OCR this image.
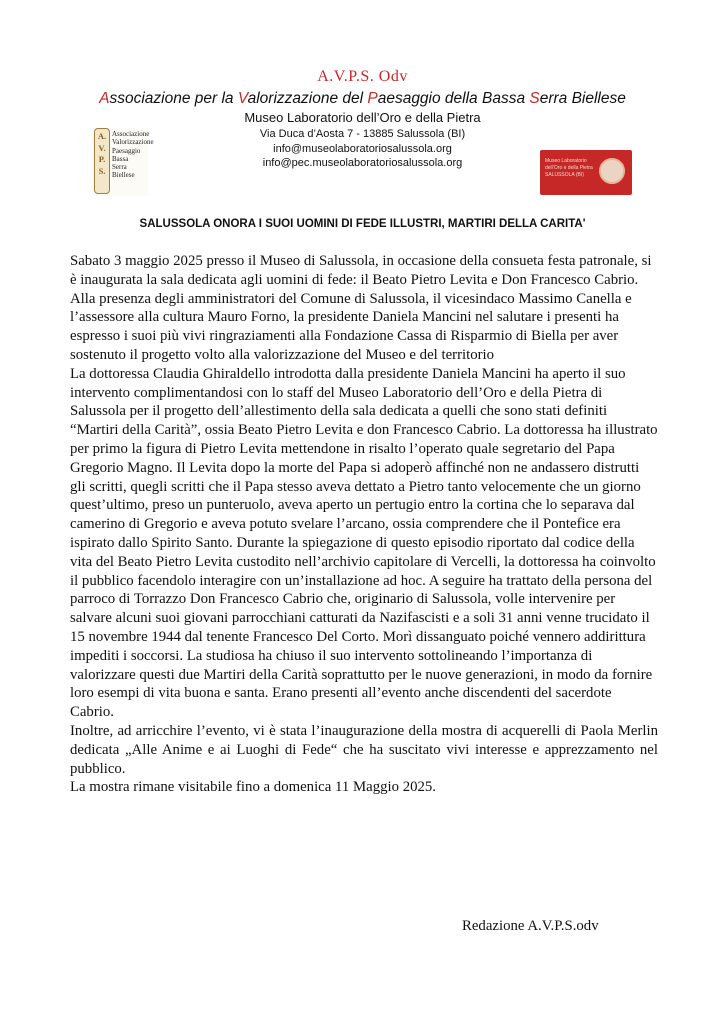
A.V.P.S. Odv
Associazione per la Valorizzazione del Paesaggio della Bassa Serra Biellese
Museo Laboratorio dell’Oro e della Pietra
Via Duca d’Aosta 7 - 13885 Salussola (BI)
info@museolaboratoriosalussola.org
info@pec.museolaboratoriosalussola.org
A.
V.
P.
S.
Associazione
Valorizzazione
Paesaggio
Bassa
Serra
Biellese
Museo Laboratorio
dell’Oro e della Pietra
SALUSSOLA (BI)
SALUSSOLA ONORA I SUOI UOMINI DI FEDE ILLUSTRI, MARTIRI DELLA CARITA'

Sabato 3 maggio 2025 presso il Museo di Salussola, in occasione della consueta festa patronale, si è inaugurata la sala dedicata agli uomini di fede: il Beato Pietro Levita e Don Francesco Cabrio.

Alla presenza degli amministratori del Comune di Salussola, il vicesindaco Massimo Canella e l’assessore alla cultura Mauro Forno, la presidente Daniela Mancini nel salutare i presenti ha espresso i suoi più vivi ringraziamenti alla Fondazione Cassa di Risparmio di Biella per aver sostenuto il progetto volto alla valorizzazione del Museo e del territorio

La dottoressa Claudia Ghiraldello introdotta dalla presidente Daniela Mancini ha aperto il suo intervento complimentandosi con lo staff del Museo Laboratorio dell’Oro e della Pietra di Salussola per il progetto dell’allestimento della sala dedicata a quelli che sono stati definiti “Martiri della Carità”, ossia Beato Pietro Levita e don Francesco Cabrio. La dottoressa ha illustrato per primo la figura di Pietro Levita mettendone in risalto l’operato quale segretario del Papa Gregorio Magno. Il Levita dopo la morte del Papa si adoperò affinché non ne andassero distrutti gli scritti, quegli scritti che il Papa stesso aveva dettato a Pietro tanto velocemente che un giorno quest’ultimo, preso un punteruolo, aveva aperto un pertugio entro la cortina che lo separava dal camerino di Gregorio e aveva potuto svelare l’arcano, ossia comprendere che il Pontefice era ispirato dallo Spirito Santo. Durante la spiegazione di questo episodio riportato dal codice della vita del Beato Pietro Levita custodito nell’archivio capitolare di Vercelli, la dottoressa ha coinvolto il pubblico facendolo interagire con un’installazione ad hoc. A seguire ha trattato della persona del parroco di Torrazzo Don Francesco Cabrio che, originario di Salussola, volle intervenire per salvare alcuni suoi giovani parrocchiani catturati da Nazifascisti e a soli 31 anni venne trucidato il 15 novembre 1944 dal tenente Francesco Del Corto. Morì dissanguato poiché vennero addirittura impediti i soccorsi. La studiosa ha chiuso il suo intervento sottolineando l’importanza di valorizzare questi due Martiri della Carità soprattutto per le nuove generazioni, in modo da fornire loro esempi di vita buona e santa. Erano presenti all’evento anche discendenti del sacerdote Cabrio.

Inoltre, ad arricchire l’evento, vi è stata l’inaugurazione della mostra di acquerelli di Paola Merlin dedicata „Alle Anime e ai Luoghi di Fede“ che ha suscitato vivi interesse e apprezzamento nel pubblico.

La mostra rimane visitabile fino a domenica 11 Maggio 2025.

Redazione A.V.P.S.odv
